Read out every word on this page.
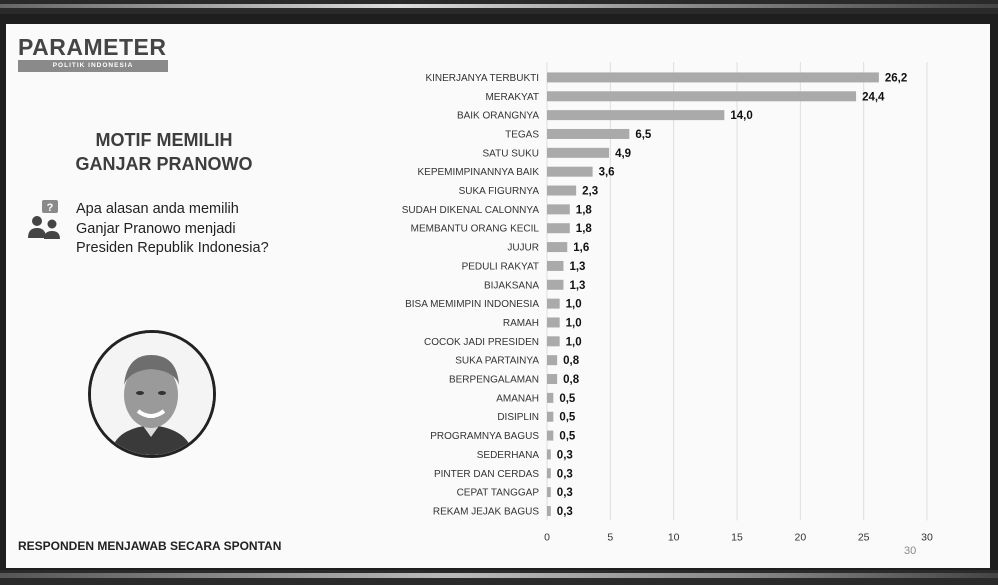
PARAMETER
POLITIK INDONESIA
MOTIF MEMILIH
GANJAR PRANOWO
? Apa alasan anda memilih Ganjar Pranowo menjadi Presiden Republik Indonesia?
RESPONDEN MENJAWAB SECARA SPONTAN	30
0	5	10	15	20	25	30
KINERJANYA TERBUKTI	26,2
MERAKYAT	24,4
BAIK ORANGNYA	14,0
TEGAS	6,5
SATU SUKU	4,9
KEPEMIMPINANNYA BAIK	3,6
SUKA FIGURNYA	2,3
SUDAH DIKENAL CALONNYA	1,8
MEMBANTU ORANG KECIL	1,8
JUJUR	1,6
PEDULI RAKYAT	1,3
BIJAKSANA	1,3
BISA MEMIMPIN INDONESIA 1,0
RAMAH 1,0
COCOK JADI PRESIDEN 1,0
SUKA PARTAINYA 0,8
BERPENGALAMAN 0,8
AMANAH 0,5
DISIPLIN 0,5
PROGRAMNYA BAGUS 0,5
SEDERHANA 0,3
PINTER DAN CERDAS 0,3
CEPAT TANGGAP 0,3
REKAM JEJAK BAGUS 0,3
